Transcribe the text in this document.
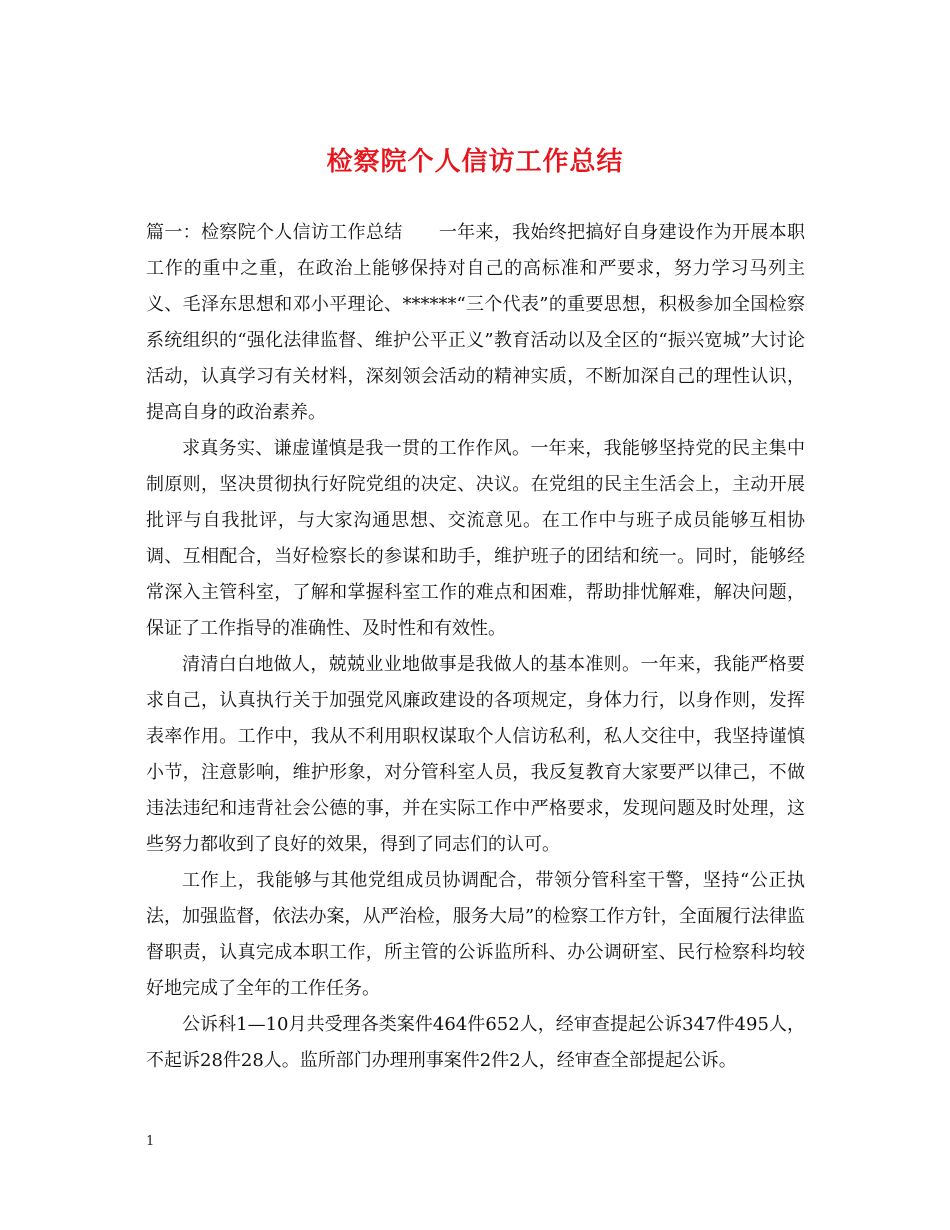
检察院个人信访工作总结

篇一：检察院个人信访工作总结 一年来，我始终把搞好自身建设作为开展本职工作的重中之重，在政治上能够保持对自己的高标准和严要求，努力学习马列主义、毛泽东思想和邓小平理论、******“三个代表”的重要思想，积极参加全国检察系统组织的“强化法律监督、维护公平正义”教育活动以及全区的“振兴宽城”大讨论活动，认真学习有关材料，深刻领会活动的精神实质，不断加深自己的理性认识，提高自身的政治素养。

求真务实、谦虚谨慎是我一贯的工作作风。一年来，我能够坚持党的民主集中制原则，坚决贯彻执行好院党组的决定、决议。在党组的民主生活会上，主动开展批评与自我批评，与大家沟通思想、交流意见。在工作中与班子成员能够互相协调、互相配合，当好检察长的参谋和助手，维护班子的团结和统一。同时，能够经常深入主管科室，了解和掌握科室工作的难点和困难，帮助排忧解难，解决问题，保证了工作指导的准确性、及时性和有效性。

清清白白地做人，兢兢业业地做事是我做人的基本准则。一年来，我能严格要求自己，认真执行关于加强党风廉政建设的各项规定，身体力行，以身作则，发挥表率作用。工作中，我从不利用职权谋取个人信访私利，私人交往中，我坚持谨慎小节，注意影响，维护形象，对分管科室人员，我反复教育大家要严以律己，不做违法违纪和违背社会公德的事，并在实际工作中严格要求，发现问题及时处理，这些努力都收到了良好的效果，得到了同志们的认可。

工作上，我能够与其他党组成员协调配合，带领分管科室干警，坚持“公正执法，加强监督，依法办案，从严治检，服务大局”的检察工作方针，全面履行法律监督职责，认真完成本职工作，所主管的公诉监所科、办公调研室、民行检察科均较好地完成了全年的工作任务。

公诉科1—10月共受理各类案件464件652人，经审查提起公诉347件495人，不起诉28件28人。监所部门办理刑事案件2件2人，经审查全部提起公诉。

1
